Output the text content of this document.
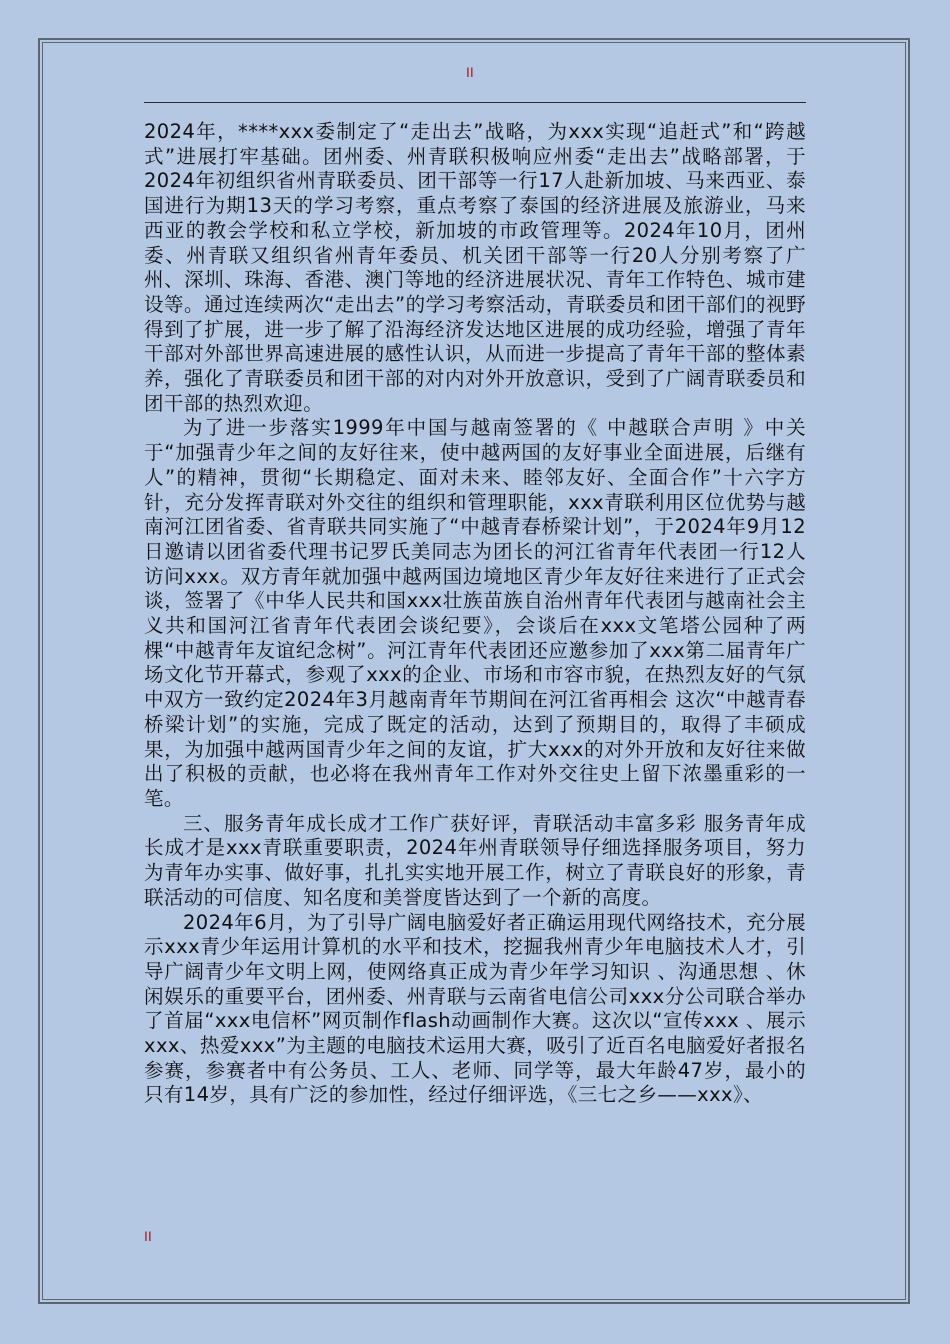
II

2024年，****xxx委制定了“走出去”战略，为xxx实现“追赶式”和“跨越式”进展打牢基础。团州委、州青联积极响应州委“走出去”战略部署，于2024年初组织省州青联委员、团干部等一行17人赴新加坡、马来西亚、泰国进行为期13天的学习考察，重点考察了泰国的经济进展及旅游业，马来西亚的教会学校和私立学校，新加坡的市政管理等。2024年10月，团州委、州青联又组织省州青年委员、机关团干部等一行20人分别考察了广州、深圳、珠海、香港、澳门等地的经济进展状况、青年工作特色、城市建设等。通过连续两次“走出去”的学习考察活动，青联委员和团干部们的视野得到了扩展，进一步了解了沿海经济发达地区进展的成功经验，增强了青年干部对外部世界高速进展的感性认识，从而进一步提高了青年干部的整体素养，强化了青联委员和团干部的对内对外开放意识，受到了广阔青联委员和团干部的热烈欢迎。

为了进一步落实1999年中国与越南签署的《 中越联合声明 》中关于“加强青少年之间的友好往来，使中越两国的友好事业全面进展，后继有人”的精神，贯彻“长期稳定、面对未来、睦邻友好、全面合作”十六字方针，充分发挥青联对外交往的组织和管理职能，xxx青联利用区位优势与越南河江团省委、省青联共同实施了“中越青春桥梁计划”，于2024年9月12日邀请以团省委代理书记罗氏美同志为团长的河江省青年代表团一行12人访问xxx。双方青年就加强中越两国边境地区青少年友好往来进行了正式会谈，签署了《中华人民共和国xxx壮族苗族自治州青年代表团与越南社会主义共和国河江省青年代表团会谈纪要》，会谈后在xxx文笔塔公园种了两棵“中越青年友谊纪念树”。河江青年代表团还应邀参加了xxx第二届青年广场文化节开幕式，参观了xxx的企业、市场和市容市貌，在热烈友好的气氛中双方一致约定2024年3月越南青年节期间在河江省再相会 这次“中越青春桥梁计划”的实施，完成了既定的活动，达到了预期目的，取得了丰硕成果，为加强中越两国青少年之间的友谊，扩大xxx的对外开放和友好往来做出了积极的贡献，也必将在我州青年工作对外交往史上留下浓墨重彩的一笔。

三、服务青年成长成才工作广获好评，青联活动丰富多彩 服务青年成长成才是xxx青联重要职责，2024年州青联领导仔细选择服务项目，努力为青年办实事、做好事，扎扎实实地开展工作，树立了青联良好的形象，青联活动的可信度、知名度和美誉度皆达到了一个新的高度。

2024年6月，为了引导广阔电脑爱好者正确运用现代网络技术，充分展示xxx青少年运用计算机的水平和技术，挖掘我州青少年电脑技术人才，引导广阔青少年文明上网，使网络真正成为青少年学习知识 、沟通思想 、休闲娱乐的重要平台，团州委、州青联与云南省电信公司xxx分公司联合举办了首届“xxx电信杯”网页制作flash动画制作大赛。这次以“宣传xxx 、展示xxx、热爱xxx”为主题的电脑技术运用大赛，吸引了近百名电脑爱好者报名参赛，参赛者中有公务员、工人、老师、同学等，最大年龄47岁，最小的只有14岁，具有广泛的参加性，经过仔细评选，《三七之乡——xxx》、

II
